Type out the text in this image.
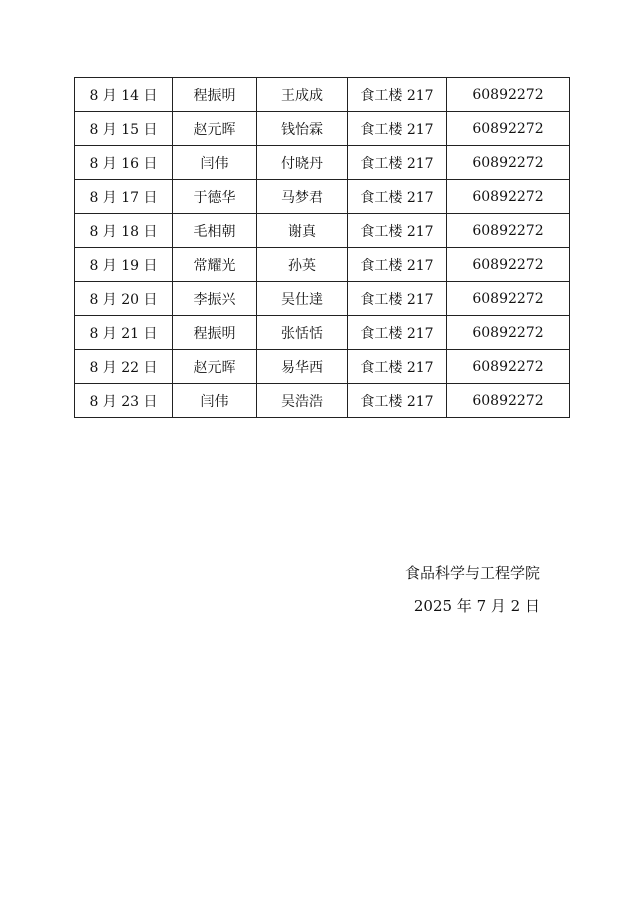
8 月 14 日	程振明	王成成	食工楼 217	60892272
8 月 15 日	赵元晖	钱怡霖	食工楼 217	60892272
8 月 16 日	闫伟	付晓丹	食工楼 217	60892272
8 月 17 日	于德华	马梦君	食工楼 217	60892272
8 月 18 日	毛相朝	谢真	食工楼 217	60892272
8 月 19 日	常耀光	孙英	食工楼 217	60892272
8 月 20 日	李振兴	吴仕達	食工楼 217	60892272
8 月 21 日	程振明	张恬恬	食工楼 217	60892272
8 月 22 日	赵元晖	易华西	食工楼 217	60892272
8 月 23 日	闫伟	吴浩浩	食工楼 217	60892272
食品科学与工程学院
2025 年 7 月 2 日
